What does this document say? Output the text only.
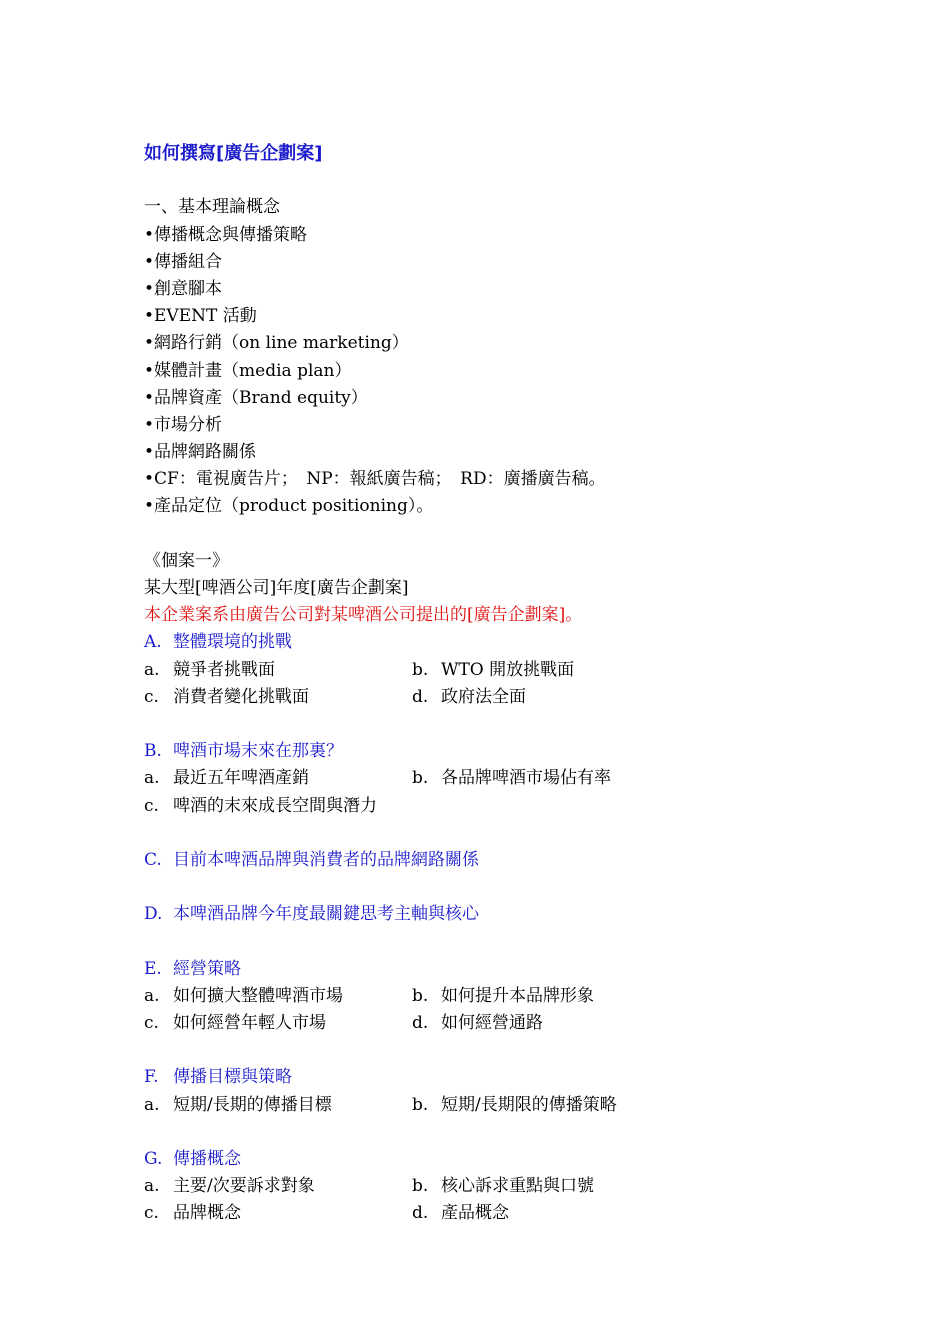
如何撰寫[廣告企劃案]
一、基本理論概念
•傳播概念與傳播策略
•傳播組合
•創意腳本
•EVENT 活動
•網路行銷（on line marketing）
•媒體計畫（media plan）
•品牌資產（Brand equity）
•市場分析
•品牌網路關係
•CF：電視廣告片；　NP：報紙廣告稿；　RD：廣播廣告稿。
•產品定位（product positioning）。
《個案一》
某大型[啤酒公司]年度[廣告企劃案]
本企業案系由廣告公司對某啤酒公司提出的[廣告企劃案]。
A. 整體環境的挑戰
a. 競爭者挑戰面	b. WTO 開放挑戰面
c. 消費者變化挑戰面	d. 政府法全面
B. 啤酒市場末來在那裏？
a. 最近五年啤酒產銷	b. 各品牌啤酒市場佔有率
c. 啤酒的末來成長空間與潛力
C. 目前本啤酒品牌與消費者的品牌網路關係
D. 本啤酒品牌今年度最關鍵思考主軸與核心
E. 經營策略
a. 如何擴大整體啤酒市場	b. 如何提升本品牌形象
c. 如何經營年輕人市場	d. 如何經營通路
F. 傳播目標與策略
a. 短期/長期的傳播目標	b. 短期/長期限的傳播策略
G. 傳播概念
a. 主要/次要訴求對象	b. 核心訴求重點與口號
c. 品牌概念	d. 產品概念
